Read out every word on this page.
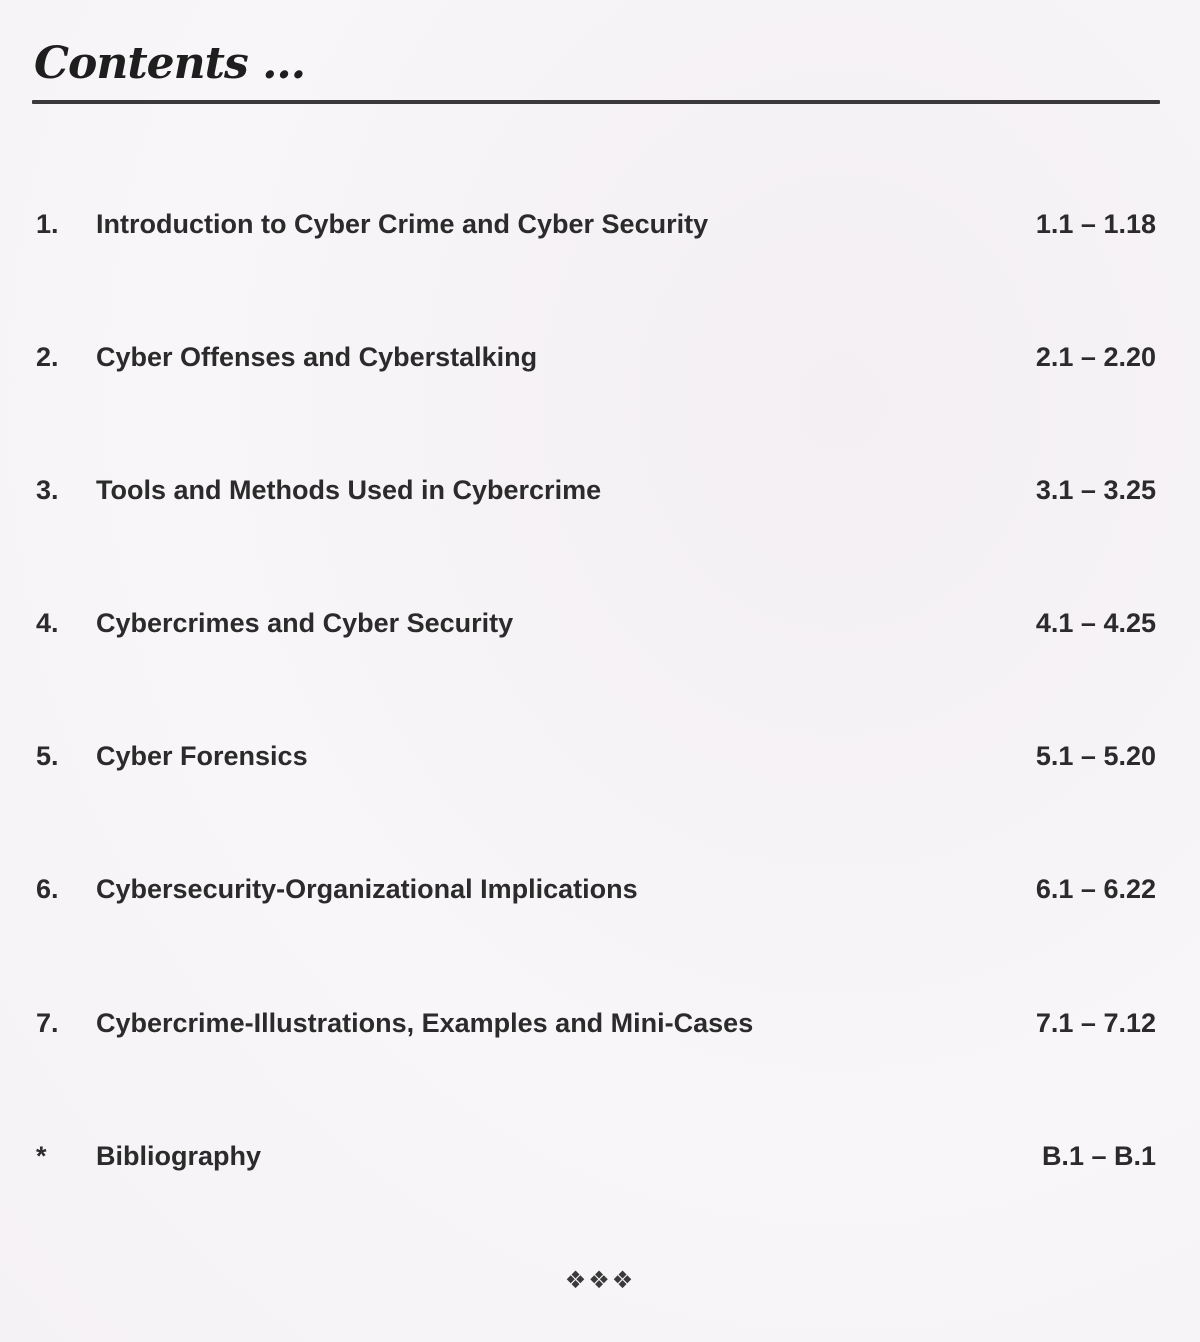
Contents ...
1. Introduction to Cyber Crime and Cyber Security	1.1 – 1.18
2. Cyber Offenses and Cyberstalking	2.1 – 2.20
3. Tools and Methods Used in Cybercrime	3.1 – 3.25
4. Cybercrimes and Cyber Security	4.1 – 4.25
5. Cyber Forensics	5.1 – 5.20
6. Cybersecurity-Organizational Implications	6.1 – 6.22
7. Cybercrime-Illustrations, Examples and Mini-Cases	7.1 – 7.12
* Bibliography	B.1 – B.1
❖❖❖
